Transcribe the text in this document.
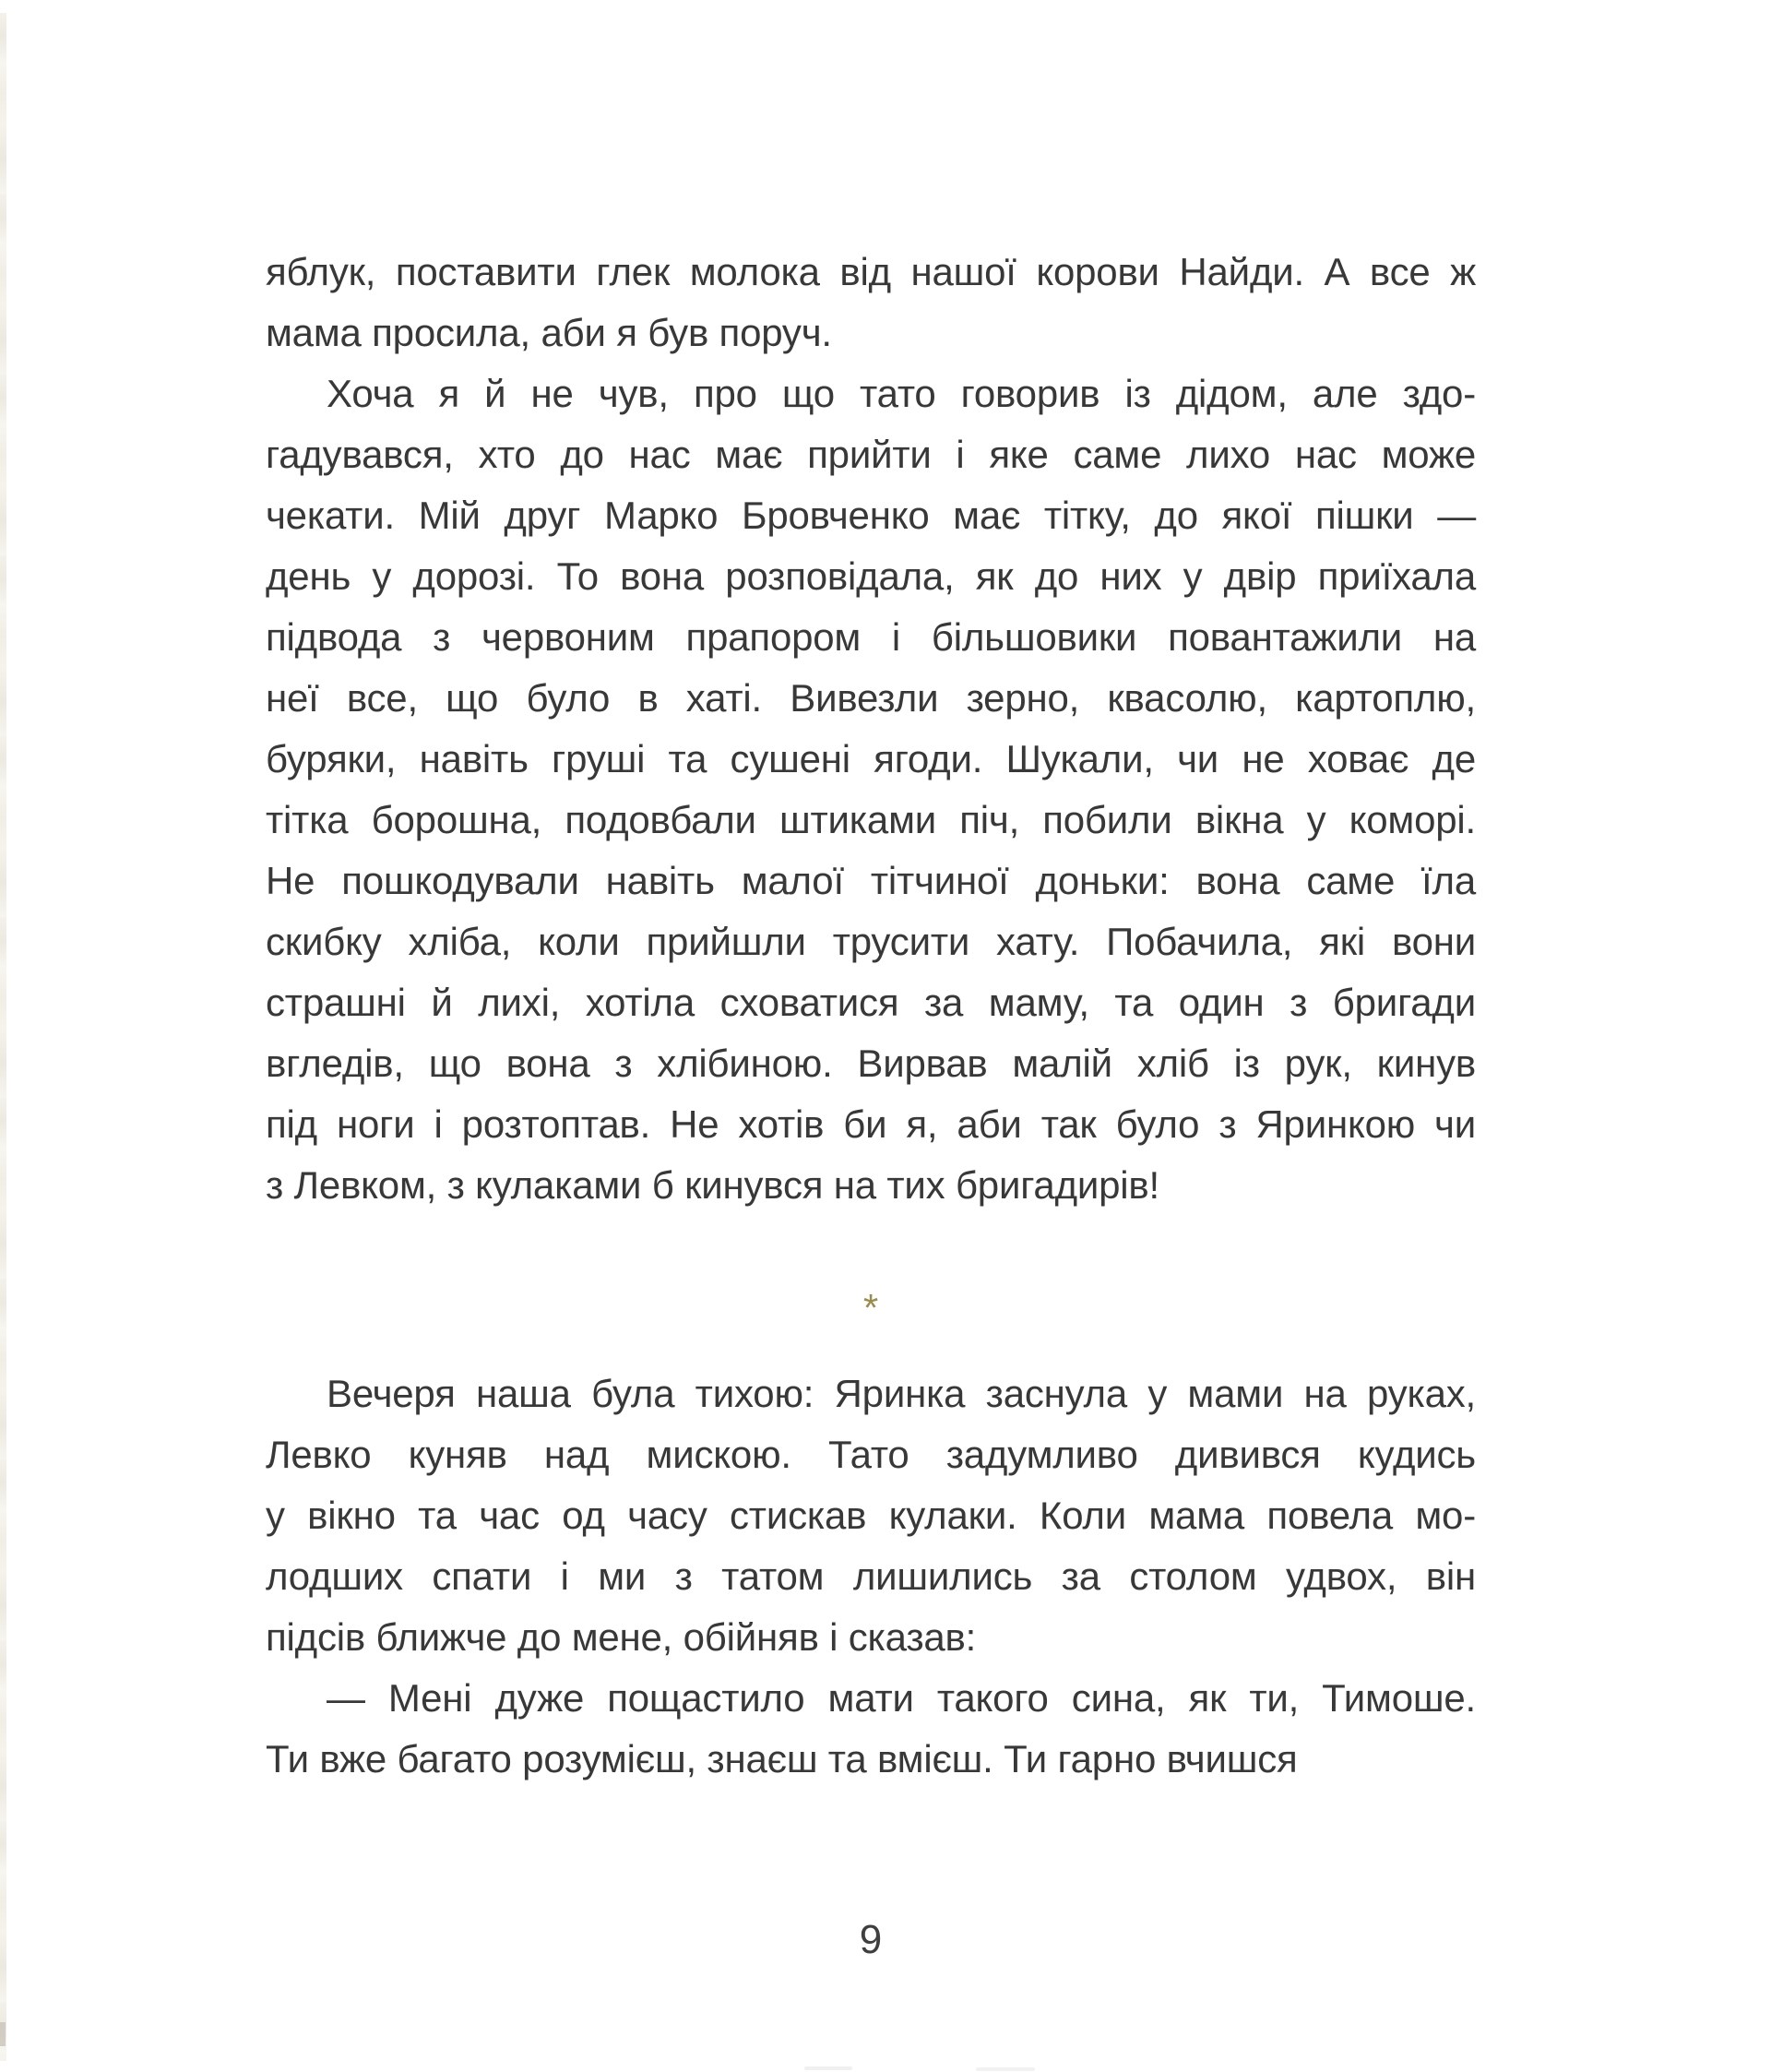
яблук, поставити глек молока від нашої корови Найди. А все ж
мама просила, аби я був поруч.
Хоча я й не чув, про що тато говорив із дідом, але здо-
гадувався, хто до нас має прийти і яке саме лихо нас може
чекати. Мій друг Марко Бровченко має тітку, до якої пішки —
день у дорозі. То вона розповідала, як до них у двір приїхала
підвода з червоним прапором і більшовики повантажили на
неї все, що було в хаті. Вивезли зерно, квасолю, картоплю,
буряки, навіть груші та сушені ягоди. Шукали, чи не ховає де
тітка борошна, подовбали штиками піч, побили вікна у коморі.
Не пошкодували навіть малої тітчиної доньки: вона саме їла
скибку хліба, коли прийшли трусити хату. Побачила, які вони
страшні й лихі, хотіла сховатися за маму, та один з бригади
вгледів, що вона з хлібиною. Вирвав малій хліб із рук, кинув
під ноги і розтоптав. Не хотів би я, аби так було з Яринкою чи
з Левком, з кулаками б кинувся на тих бригадирів!
*
Вечеря наша була тихою: Яринка заснула у мами на руках,
Левко куняв над мискою. Тато задумливо дивився кудись
у вікно та час од часу стискав кулаки. Коли мама повела мо-
лодших спати і ми з татом лишились за столом удвох, він
підсів ближче до мене, обійняв і сказав:
— Мені дуже пощастило мати такого сина, як ти, Тимоше.
Ти вже багато розумієш, знаєш та вмієш. Ти гарно вчишся
9
